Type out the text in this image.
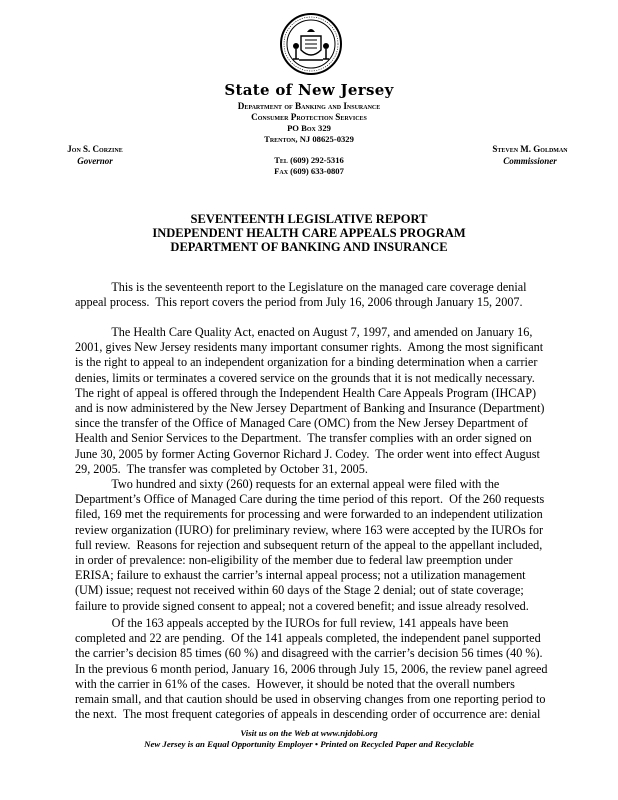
State of New Jersey
Department of Banking and Insurance
Consumer Protection Services
PO Box 329
Trenton, NJ 08625-0329
Tel (609) 292-5316
Fax (609) 633-0807
Jon S. Corzine
Governor
Steven M. Goldman
Commissioner
SEVENTEENTH LEGISLATIVE REPORT
INDEPENDENT HEALTH CARE APPEALS PROGRAM
DEPARTMENT OF BANKING AND INSURANCE
This is the seventeenth report to the Legislature on the managed care coverage denial
appeal process.  This report covers the period from July 16, 2006 through January 15, 2007.
The Health Care Quality Act, enacted on August 7, 1997, and amended on January 16,
2001, gives New Jersey residents many important consumer rights.  Among the most significant
is the right to appeal to an independent organization for a binding determination when a carrier
denies, limits or terminates a covered service on the grounds that it is not medically necessary.
The right of appeal is offered through the Independent Health Care Appeals Program (IHCAP)
and is now administered by the New Jersey Department of Banking and Insurance (Department)
since the transfer of the Office of Managed Care (OMC) from the New Jersey Department of
Health and Senior Services to the Department.  The transfer complies with an order signed on
June 30, 2005 by former Acting Governor Richard J. Codey.  The order went into effect August
29, 2005.  The transfer was completed by October 31, 2005.
Two hundred and sixty (260) requests for an external appeal were filed with the
Department’s Office of Managed Care during the time period of this report.  Of the 260 requests
filed, 169 met the requirements for processing and were forwarded to an independent utilization
review organization (IURO) for preliminary review, where 163 were accepted by the IUROs for
full review.  Reasons for rejection and subsequent return of the appeal to the appellant included,
in order of prevalence: non-eligibility of the member due to federal law preemption under
ERISA; failure to exhaust the carrier’s internal appeal process; not a utilization management
(UM) issue; request not received within 60 days of the Stage 2 denial; out of state coverage;
failure to provide signed consent to appeal; not a covered benefit; and issue already resolved.
Of the 163 appeals accepted by the IUROs for full review, 141 appeals have been
completed and 22 are pending.  Of the 141 appeals completed, the independent panel supported
the carrier’s decision 85 times (60 %) and disagreed with the carrier’s decision 56 times (40 %).
In the previous 6 month period, January 16, 2006 through July 15, 2006, the review panel agreed
with the carrier in 61% of the cases.  However, it should be noted that the overall numbers
remain small, and that caution should be used in observing changes from one reporting period to
the next.  The most frequent categories of appeals in descending order of occurrence are: denial
Visit us on the Web at www.njdobi.org
New Jersey is an Equal Opportunity Employer • Printed on Recycled Paper and Recyclable
